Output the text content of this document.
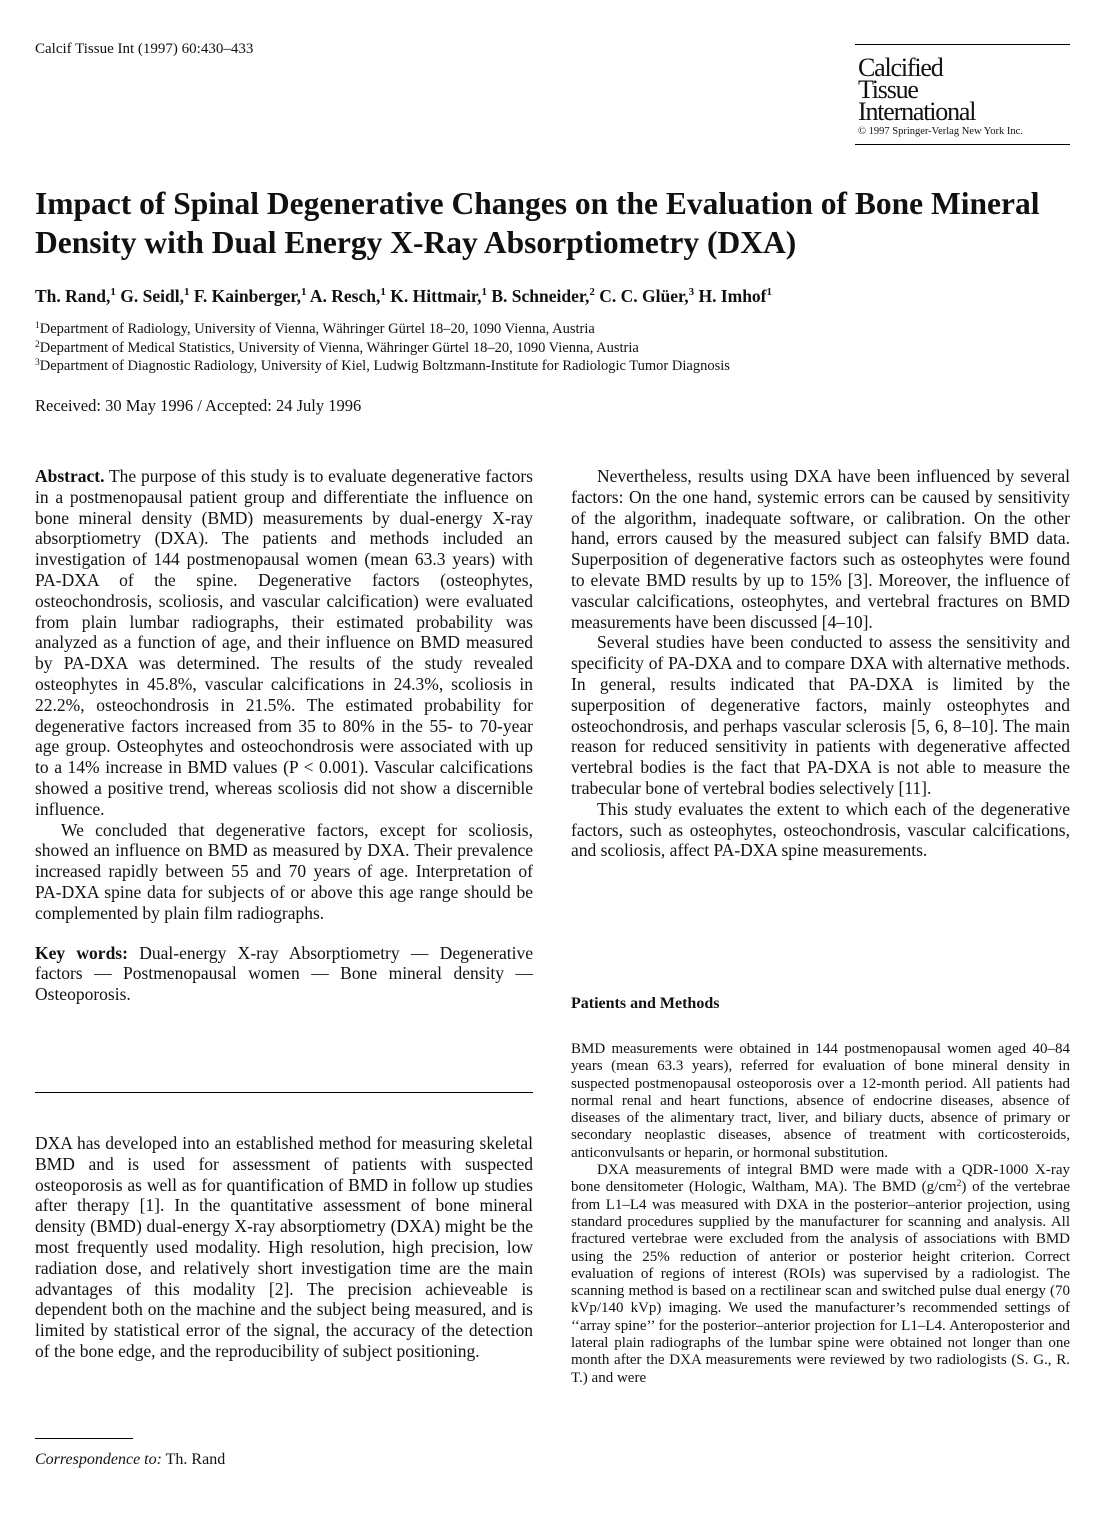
Calcif Tissue Int (1997) 60:430–433
Calcified
Tissue
International
© 1997 Springer-Verlag New York Inc.
Impact of Spinal Degenerative Changes on the Evaluation of Bone Mineral Density with Dual Energy X-Ray Absorptiometry (DXA)
Th. Rand,$^1$ G. Seidl,$^1$ F. Kainberger,$^1$ A. Resch,$^1$ K. Hittmair,$^1$ B. Schneider,$^2$ C. C. Glüer,$^3$ H. Imhof$^1$
$^1$Department of Radiology, University of Vienna, Währinger Gürtel 18–20, 1090 Vienna, Austria
$^2$Department of Medical Statistics, University of Vienna, Währinger Gürtel 18–20, 1090 Vienna, Austria
$^3$Department of Diagnostic Radiology, University of Kiel, Ludwig Boltzmann-Institute for Radiologic Tumor Diagnosis
Received: 30 May 1996 / Accepted: 24 July 1996

Abstract. The purpose of this study is to evaluate degenerative factors in a postmenopausal patient group and differentiate the influence on bone mineral density (BMD) measurements by dual-energy X-ray absorptiometry (DXA). The patients and methods included an investigation of 144 postmenopausal women (mean 63.3 years) with PA-DXA of the spine. Degenerative factors (osteophytes, osteochondrosis, scoliosis, and vascular calcification) were evaluated from plain lumbar radiographs, their estimated probability was analyzed as a function of age, and their influence on BMD measured by PA-DXA was determined. The results of the study revealed osteophytes in 45.8%, vascular calcifications in 24.3%, scoliosis in 22.2%, osteochondrosis in 21.5%. The estimated probability for degenerative factors increased from 35 to 80% in the 55- to 70-year age group. Osteophytes and osteochondrosis were associated with up to a 14% increase in BMD values (P < 0.001). Vascular calcifications showed a positive trend, whereas scoliosis did not show a discernible influence.

We concluded that degenerative factors, except for scoliosis, showed an influence on BMD as measured by DXA. Their prevalence increased rapidly between 55 and 70 years of age. Interpretation of PA-DXA spine data for subjects of or above this age range should be complemented by plain film radiographs.

Key words: Dual-energy X-ray Absorptiometry — Degenerative factors — Postmenopausal women — Bone mineral density — Osteoporosis.

DXA has developed into an established method for measuring skeletal BMD and is used for assessment of patients with suspected osteoporosis as well as for quantification of BMD in follow up studies after therapy [1]. In the quantitative assessment of bone mineral density (BMD) dual-energy X-ray absorptiometry (DXA) might be the most frequently used modality. High resolution, high precision, low radiation dose, and relatively short investigation time are the main advantages of this modality [2]. The precision achieveable is dependent both on the machine and the subject being measured, and is limited by statistical error of the signal, the accuracy of the detection of the bone edge, and the reproducibility of subject positioning.

Correspondence to: Th. Rand

Nevertheless, results using DXA have been influenced by several factors: On the one hand, systemic errors can be caused by sensitivity of the algorithm, inadequate software, or calibration. On the other hand, errors caused by the measured subject can falsify BMD data. Superposition of degenerative factors such as osteophytes were found to elevate BMD results by up to 15% [3]. Moreover, the influence of vascular calcifications, osteophytes, and vertebral fractures on BMD measurements have been discussed [4–10].

Several studies have been conducted to assess the sensitivity and specificity of PA-DXA and to compare DXA with alternative methods. In general, results indicated that PA-DXA is limited by the superposition of degenerative factors, mainly osteophytes and osteochondrosis, and perhaps vascular sclerosis [5, 6, 8–10]. The main reason for reduced sensitivity in patients with degenerative affected vertebral bodies is the fact that PA-DXA is not able to measure the trabecular bone of vertebral bodies selectively [11].

This study evaluates the extent to which each of the degenerative factors, such as osteophytes, osteochondrosis, vascular calcifications, and scoliosis, affect PA-DXA spine measurements.

Patients and Methods

BMD measurements were obtained in 144 postmenopausal women aged 40–84 years (mean 63.3 years), referred for evaluation of bone mineral density in suspected postmenopausal osteoporosis over a 12-month period. All patients had normal renal and heart functions, absence of endocrine diseases, absence of diseases of the alimentary tract, liver, and biliary ducts, absence of primary or secondary neoplastic diseases, absence of treatment with corticosteroids, anticonvulsants or heparin, or hormonal substitution.

DXA measurements of integral BMD were made with a QDR-1000 X-ray bone densitometer (Hologic, Waltham, MA). The BMD $(g/cm^2)$ of the vertebrae from L1–L4 was measured with DXA in the posterior–anterior projection, using standard procedures supplied by the manufacturer for scanning and analysis. All fractured vertebrae were excluded from the analysis of associations with BMD using the 25% reduction of anterior or posterior height criterion. Correct evaluation of regions of interest (ROIs) was supervised by a radiologist. The scanning method is based on a rectilinear scan and switched pulse dual energy (70 kVp/140 kVp) imaging. We used the manufacturer’s recommended settings of ‘‘array spine’’ for the posterior–anterior projection for L1–L4. Anteroposterior and lateral plain radiographs of the lumbar spine were obtained not longer than one month after the DXA measurements were reviewed by two radiologists (S. G., R. T.) and were
